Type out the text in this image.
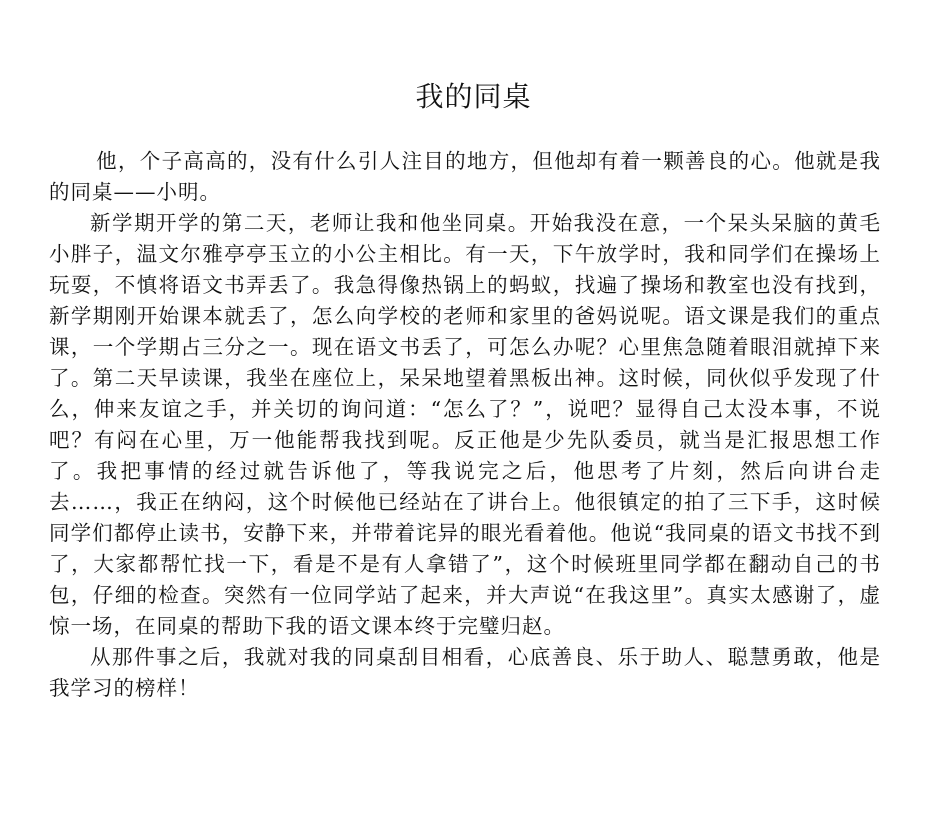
我的同桌

他，个子高高的，没有什么引人注目的地方，但他却有着一颗善良的心。他就是我的同桌——小明。

新学期开学的第二天，老师让我和他坐同桌。开始我没在意，一个呆头呆脑的黄毛小胖子，温文尔雅亭亭玉立的小公主相比。有一天，下午放学时，我和同学们在操场上玩耍，不慎将语文书弄丢了。我急得像热锅上的蚂蚁，找遍了操场和教室也没有找到，新学期刚开始课本就丢了，怎么向学校的老师和家里的爸妈说呢。语文课是我们的重点课，一个学期占三分之一。现在语文书丢了，可怎么办呢？心里焦急随着眼泪就掉下来了。第二天早读课，我坐在座位上，呆呆地望着黑板出神。这时候，同伙似乎发现了什么，伸来友谊之手，并关切的询问道：“怎么了？”，说吧？显得自己太没本事，不说吧？有闷在心里，万一他能帮我找到呢。反正他是少先队委员，就当是汇报思想工作了。我把事情的经过就告诉他了，等我说完之后，他思考了片刻，然后向讲台走去……，我正在纳闷，这个时候他已经站在了讲台上。他很镇定的拍了三下手，这时候同学们都停止读书，安静下来，并带着诧异的眼光看着他。他说“我同桌的语文书找不到了，大家都帮忙找一下，看是不是有人拿错了”，这个时候班里同学都在翻动自己的书包，仔细的检查。突然有一位同学站了起来，并大声说“在我这里”。真实太感谢了，虚惊一场，在同桌的帮助下我的语文课本终于完璧归赵。

从那件事之后，我就对我的同桌刮目相看，心底善良、乐于助人、聪慧勇敢，他是我学习的榜样！
